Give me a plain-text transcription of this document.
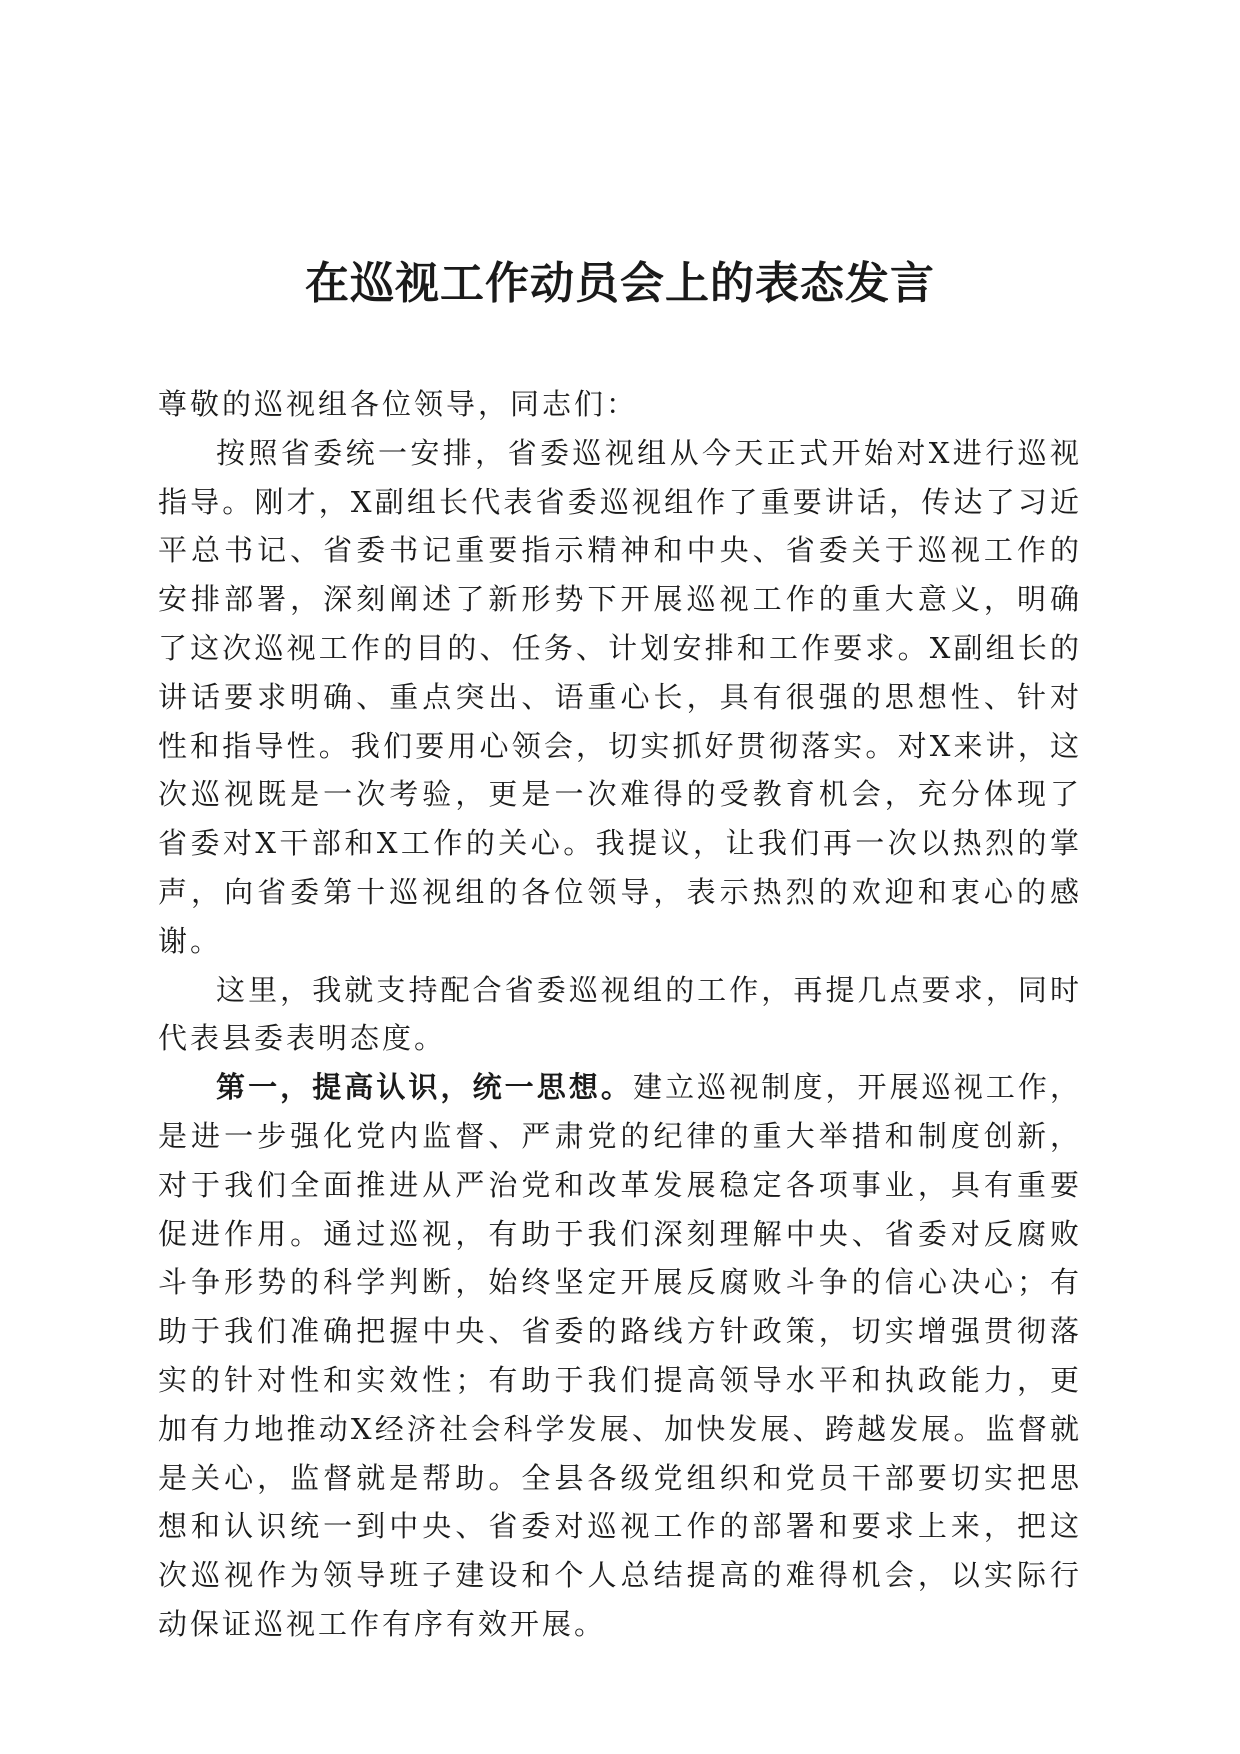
在巡视工作动员会上的表态发言

尊敬的巡视组各位领导，同志们：

按照省委统一安排，省委巡视组从今天正式开始对X进行巡视指导。刚才，X副组长代表省委巡视组作了重要讲话，传达了习近平总书记、省委书记重要指示精神和中央、省委关于巡视工作的安排部署，深刻阐述了新形势下开展巡视工作的重大意义，明确了这次巡视工作的目的、任务、计划安排和工作要求。X副组长的讲话要求明确、重点突出、语重心长，具有很强的思想性、针对性和指导性。我们要用心领会，切实抓好贯彻落实。对X来讲，这次巡视既是一次考验，更是一次难得的受教育机会，充分体现了省委对X干部和X工作的关心。我提议，让我们再一次以热烈的掌声，向省委第十巡视组的各位领导，表示热烈的欢迎和衷心的感谢。

这里，我就支持配合省委巡视组的工作，再提几点要求，同时代表县委表明态度。

第一，提高认识，统一思想。建立巡视制度，开展巡视工作，是进一步强化党内监督、严肃党的纪律的重大举措和制度创新，对于我们全面推进从严治党和改革发展稳定各项事业，具有重要促进作用。通过巡视，有助于我们深刻理解中央、省委对反腐败斗争形势的科学判断，始终坚定开展反腐败斗争的信心决心；有助于我们准确把握中央、省委的路线方针政策，切实增强贯彻落实的针对性和实效性；有助于我们提高领导水平和执政能力，更加有力地推动X经济社会科学发展、加快发展、跨越发展。监督就是关心，监督就是帮助。全县各级党组织和党员干部要切实把思想和认识统一到中央、省委对巡视工作的部署和要求上来，把这次巡视作为领导班子建设和个人总结提高的难得机会，以实际行动保证巡视工作有序有效开展。
